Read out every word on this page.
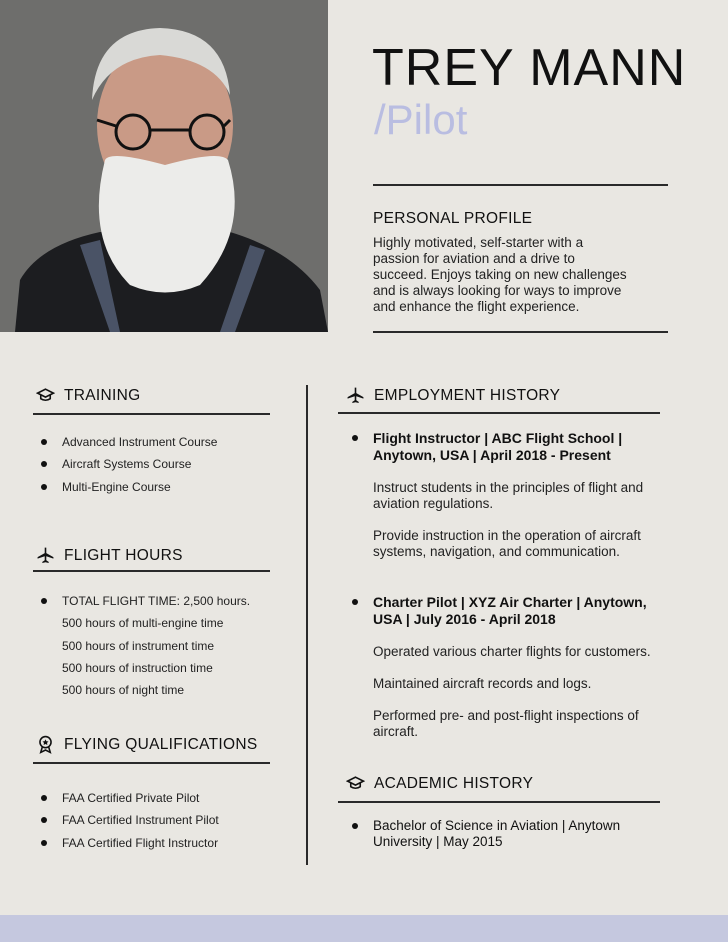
TREY MANN
/Pilot
PERSONAL PROFILE
Highly motivated, self-starter with a
passion for aviation and a drive to
succeed. Enjoys taking on new challenges
and is always looking for ways to improve
and enhance the flight experience.
TRAINING
Advanced Instrument Course
Aircraft Systems Course
Multi-Engine Course
FLIGHT HOURS
TOTAL FLIGHT TIME: 2,500 hours.
500 hours of multi-engine time
500 hours of instrument time
500 hours of instruction time
500 hours of night time
FLYING QUALIFICATIONS
FAA Certified Private Pilot
FAA Certified Instrument Pilot
FAA Certified Flight Instructor
EMPLOYMENT HISTORY
Flight Instructor | ABC Flight School | Anytown, USA | April 2018 - Present
Instruct students in the principles of flight and aviation regulations.
Provide instruction in the operation of aircraft systems, navigation, and communication.
Charter Pilot | XYZ Air Charter | Anytown, USA | July 2016 - April 2018
Operated various charter flights for customers.
Maintained aircraft records and logs.
Performed pre- and post-flight inspections of aircraft.
ACADEMIC HISTORY
Bachelor of Science in Aviation | Anytown University | May 2015
